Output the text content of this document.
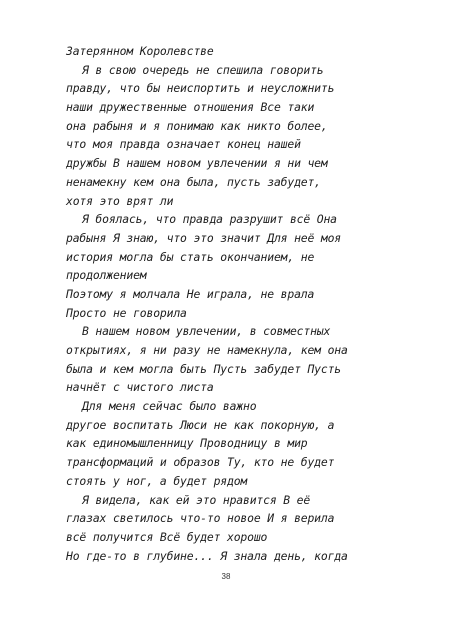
Затерянном Королевстве
Я в свою очередь не спешила говорить
правду, что бы неиспортить и неусложнить
наши дружественные отношения Все таки
она рабыня и я понимаю как никто более,
что моя правда означает конец нашей
дружбы В нашем новом увлечении я ни чем
ненамекну кем она была, пусть забудет,
хотя это врят ли
Я боялась, что правда разрушит всё Она
рабыня Я знаю, что это значит Для неё моя
история могла бы стать окончанием, не
продолжением
Поэтому я молчала Не играла, не врала
Просто не говорила
В нашем новом увлечении, в совместных
открытиях, я ни разу не намекнула, кем она
была и кем могла быть Пусть забудет Пусть
начнёт с чистого листа
Для меня сейчас было важно
другое воспитать Люси не как покорную, а
как единомышленницу Проводницу в мир
трансформаций и образов Ту, кто не будет
стоять у ног, а будет рядом
Я видела, как ей это нравится В её
глазах светилось что-то новое И я верила
всё получится Всё будет хорошо
Но где-то в глубине... Я знала день, когда
38
